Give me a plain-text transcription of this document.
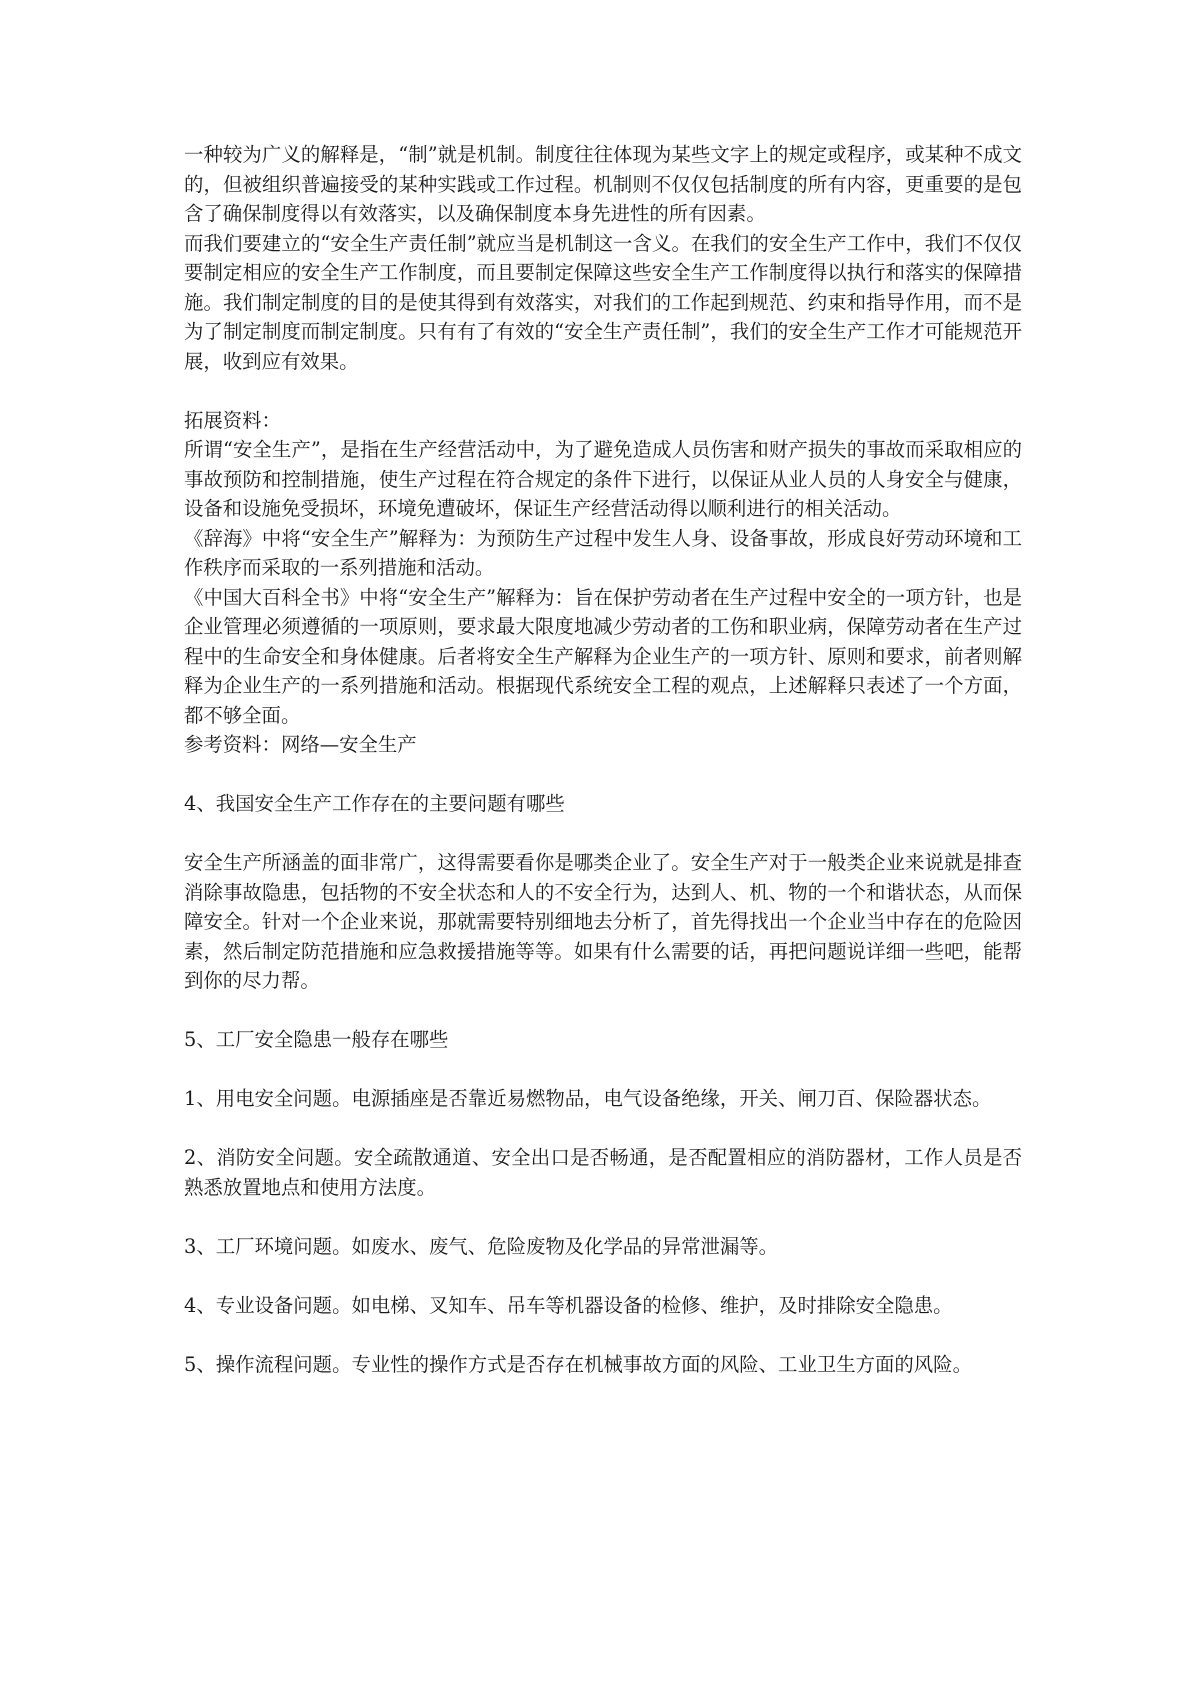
一种较为广义的解释是，“制”就是机制。制度往往体现为某些文字上的规定或程序，或某种不成文的，但被组织普遍接受的某种实践或工作过程。机制则不仅仅包括制度的所有内容，更重要的是包含了确保制度得以有效落实，以及确保制度本身先进性的所有因素。

而我们要建立的“安全生产责任制”就应当是机制这一含义。在我们的安全生产工作中，我们不仅仅要制定相应的安全生产工作制度，而且要制定保障这些安全生产工作制度得以执行和落实的保障措施。我们制定制度的目的是使其得到有效落实，对我们的工作起到规范、约束和指导作用，而不是为了制定制度而制定制度。只有有了有效的“安全生产责任制”，我们的安全生产工作才可能规范开展，收到应有效果。

拓展资料：

所谓“安全生产”，是指在生产经营活动中，为了避免造成人员伤害和财产损失的事故而采取相应的事故预防和控制措施，使生产过程在符合规定的条件下进行，以保证从业人员的人身安全与健康，设备和设施免受损坏，环境免遭破坏，保证生产经营活动得以顺利进行的相关活动。

《辞海》中将“安全生产”解释为：为预防生产过程中发生人身、设备事故，形成良好劳动环境和工作秩序而采取的一系列措施和活动。

《中国大百科全书》中将“安全生产”解释为：旨在保护劳动者在生产过程中安全的一项方针，也是企业管理必须遵循的一项原则，要求最大限度地减少劳动者的工伤和职业病，保障劳动者在生产过程中的生命安全和身体健康。后者将安全生产解释为企业生产的一项方针、原则和要求，前者则解释为企业生产的一系列措施和活动。根据现代系统安全工程的观点，上述解释只表述了一个方面，都不够全面。

参考资料：网络—安全生产

4、我国安全生产工作存在的主要问题有哪些

安全生产所涵盖的面非常广，这得需要看你是哪类企业了。安全生产对于一般类企业来说就是排查消除事故隐患，包括物的不安全状态和人的不安全行为，达到人、机、物的一个和谐状态，从而保障安全。针对一个企业来说，那就需要特别细地去分析了，首先得找出一个企业当中存在的危险因素，然后制定防范措施和应急救援措施等等。如果有什么需要的话，再把问题说详细一些吧，能帮到你的尽力帮。

5、工厂安全隐患一般存在哪些

1、用电安全问题。电源插座是否靠近易燃物品，电气设备绝缘，开关、闸刀百、保险器状态。

2、消防安全问题。安全疏散通道、安全出口是否畅通，是否配置相应的消防器材，工作人员是否熟悉放置地点和使用方法度。

3、工厂环境问题。如废水、废气、危险废物及化学品的异常泄漏等。

4、专业设备问题。如电梯、叉知车、吊车等机器设备的检修、维护，及时排除安全隐患。

5、操作流程问题。专业性的操作方式是否存在机械事故方面的风险、工业卫生方面的风险。
